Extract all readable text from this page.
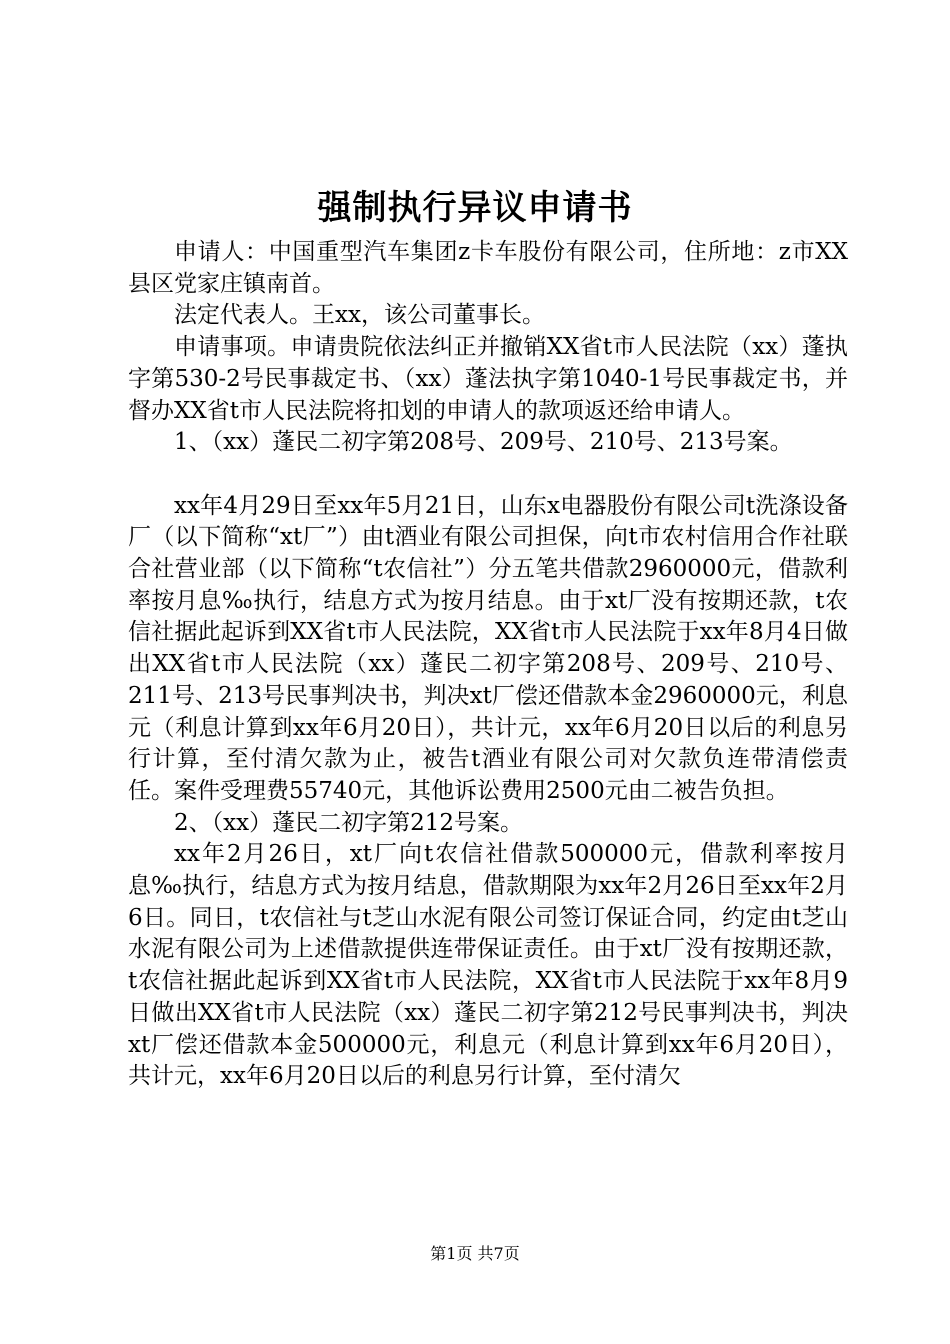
强制执行异议申请书

申请人：中国重型汽车集团z卡车股份有限公司，住所地：z市XX县区党家庄镇南首。

法定代表人。王xx，该公司董事长。

申请事项。申请贵院依法纠正并撤销XX省t市人民法院（xx）蓬执字第530-2号民事裁定书、（xx）蓬法执字第1040-1号民事裁定书，并督办XX省t市人民法院将扣划的申请人的款项返还给申请人。

1、（xx）蓬民二初字第208号、209号、210号、213号案。

xx年4月29日至xx年5月21日，山东x电器股份有限公司t洗涤设备厂（以下简称“xt厂”）由t酒业有限公司担保，向t市农村信用合作社联合社营业部（以下简称“t农信社”）分五笔共借款2960000元，借款利率按月息‰执行，结息方式为按月结息。由于xt厂没有按期还款，t农信社据此起诉到XX省t市人民法院，XX省t市人民法院于xx年8月4日做出XX省t市人民法院（xx）蓬民二初字第208号、209号、210号、211号、213号民事判决书，判决xt厂偿还借款本金2960000元，利息元（利息计算到xx年6月20日），共计元，xx年6月20日以后的利息另行计算，至付清欠款为止，被告t酒业有限公司对欠款负连带清偿责任。案件受理费55740元，其他诉讼费用2500元由二被告负担。

2、（xx）蓬民二初字第212号案。

xx年2月26日，xt厂向t农信社借款500000元，借款利率按月息‰执行，结息方式为按月结息，借款期限为xx年2月26日至xx年2月6日。同日，t农信社与t芝山水泥有限公司签订保证合同，约定由t芝山水泥有限公司为上述借款提供连带保证责任。由于xt厂没有按期还款，t农信社据此起诉到XX省t市人民法院，XX省t市人民法院于xx年8月9日做出XX省t市人民法院（xx）蓬民二初字第212号民事判决书，判决xt厂偿还借款本金500000元，利息元（利息计算到xx年6月20日），共计元，xx年6月20日以后的利息另行计算，至付清欠

第1页 共7页
